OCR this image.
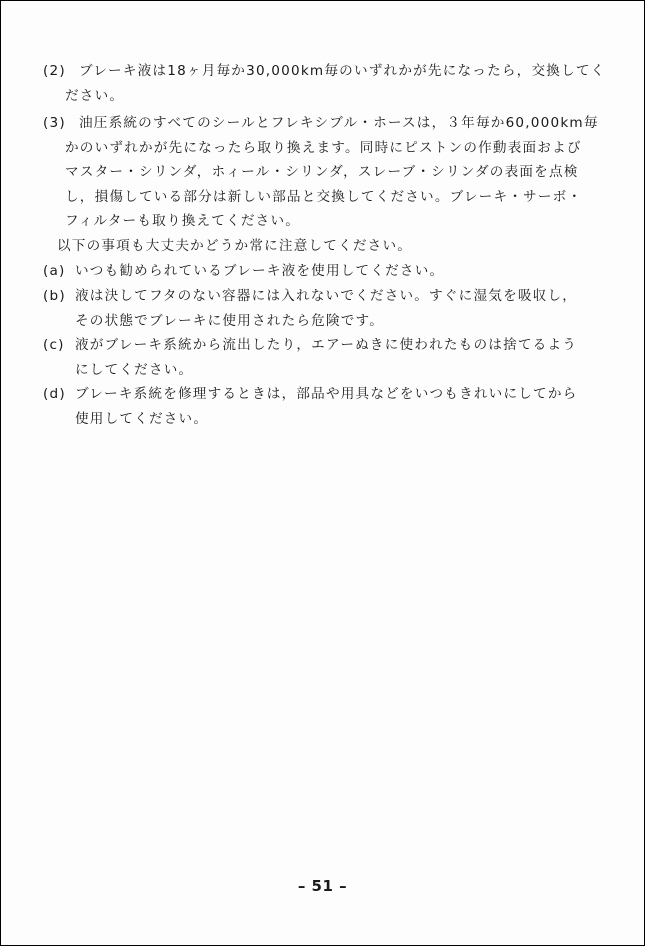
(2) ブレーキ液は18ヶ月毎か30,000km毎のいずれかが先になったら，交換してく
ださい。
(3) 油圧系統のすべてのシールとフレキシブル・ホースは，３年毎か60,000km毎
かのいずれかが先になったら取り換えます。同時にピストンの作動表面および
マスター・シリンダ，ホィール・シリンダ，スレーブ・シリンダの表面を点検
し，損傷している部分は新しい部品と交換してください。ブレーキ・サーボ・
フィルターも取り換えてください。
以下の事項も大丈夫かどうか常に注意してください。
(a) いつも勧められているブレーキ液を使用してください。
(b) 液は決してフタのない容器には入れないでください。すぐに湿気を吸収し，
その状態でブレーキに使用されたら危険です。
(c) 液がブレーキ系統から流出したり，エアーぬきに使われたものは捨てるよう
にしてください。
(d) ブレーキ系統を修理するときは，部品や用具などをいつもきれいにしてから
使用してください。
– 51 –
